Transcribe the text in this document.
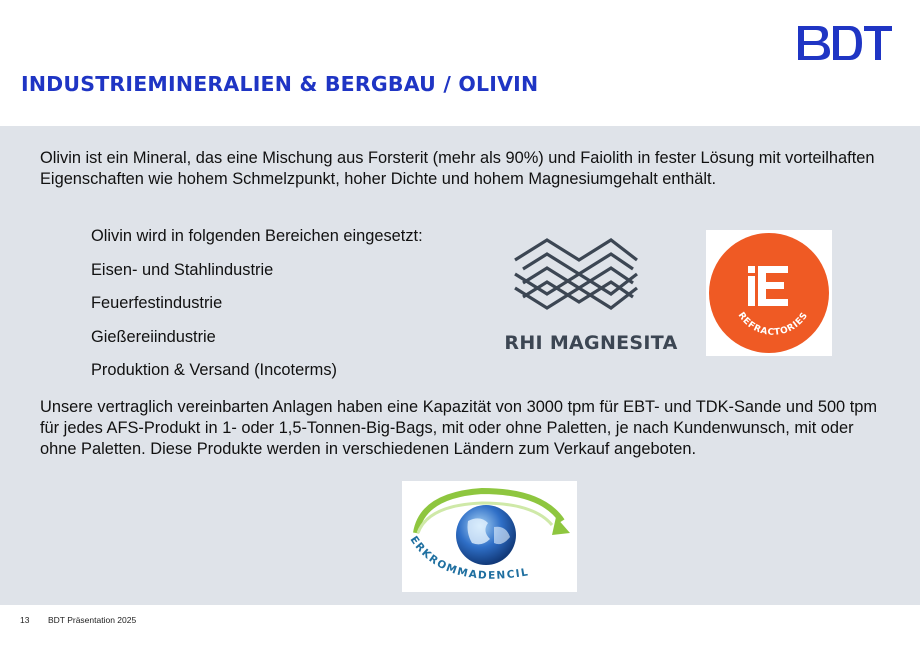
INDUSTRIEMINERALIEN & BERGBAU / OLIVIN

Olivin ist ein Mineral, das eine Mischung aus Forsterit (mehr als 90%) und Faiolith in fester Lösung mit vorteilhaften Eigenschaften wie hohem Schmelzpunkt, hoher Dichte und hohem Magnesiumgehalt enthält.

Olivin wird in folgenden Bereichen eingesetzt:
Eisen- und Stahlindustrie
Feuerfestindustrie
Gießereiindustrie
Produktion & Versand (Incoterms)
RHI MAGNESITA
REFRACTORIES

Unsere vertraglich vereinbarten Anlagen haben eine Kapazität von 3000 tpm für EBT- und TDK-Sande und 500 tpm für jedes AFS-Produkt in 1- oder 1,5-Tonnen-Big-Bags, mit oder ohne Paletten, je nach Kundenwunsch, mit oder ohne Paletten. Diese Produkte werden in verschiedenen Ländern zum Verkauf angeboten.

ERKROMMADENCIL
13 BDT Präsentation 2025
